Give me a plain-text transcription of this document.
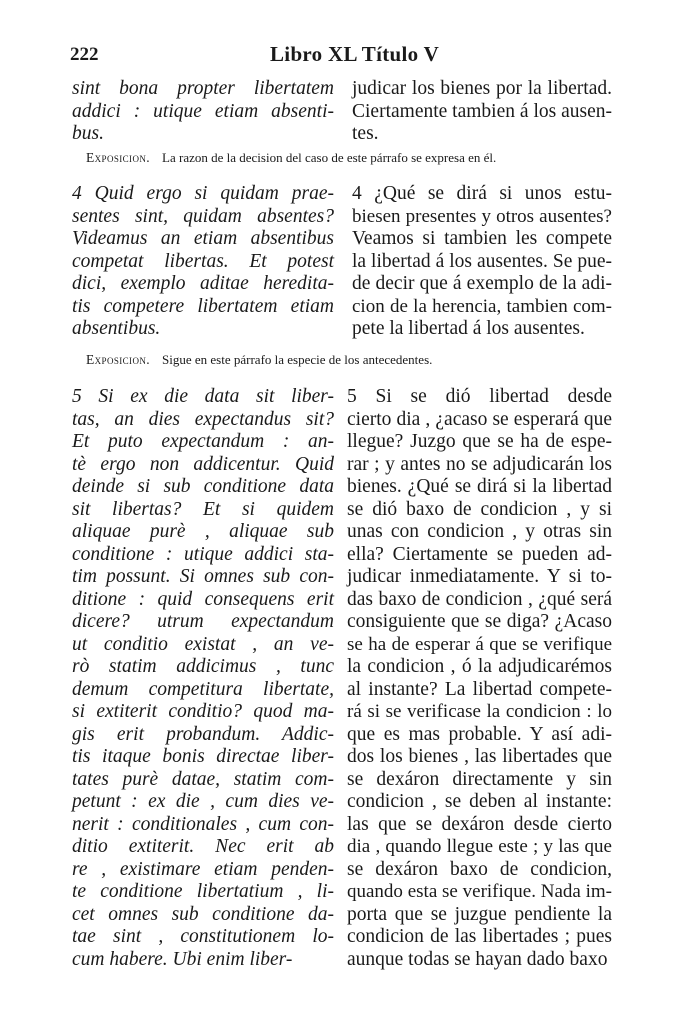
222	Libro XL Título V
sint bona propter libertatem
addici : utique etiam absenti-
bus.
judicar los bienes por la libertad.
Ciertamente tambien á los ausen-
tes.
Exposicion. La razon de la decision del caso de este párrafo se expresa en él.
4 Quid ergo si quidam prae-
sentes sint, quidam absentes?
Videamus an etiam absentibus
competat libertas. Et potest
dici, exemplo aditae heredita-
tis competere libertatem etiam
absentibus.
4 ¿Qué se dirá si unos estu-
biesen presentes y otros ausentes?
Veamos si tambien les compete
la libertad á los ausentes. Se pue-
de decir que á exemplo de la adi-
cion de la herencia, tambien com-
pete la libertad á los ausentes.
Exposicion. Sigue en este párrafo la especie de los antecedentes.
5 Si ex die data sit liber-
tas, an dies expectandus sit?
Et puto expectandum : an-
tè ergo non addicentur. Quid
deinde si sub conditione data
sit libertas? Et si quidem
aliquae purè , aliquae sub
conditione : utique addici sta-
tim possunt. Si omnes sub con-
ditione : quid consequens erit
dicere? utrum expectandum
ut conditio existat , an ve-
rò statim addicimus , tunc
demum competitura libertate,
si extiterit conditio? quod ma-
gis erit probandum. Addic-
tis itaque bonis directae liber-
tates purè datae, statim com-
petunt : ex die , cum dies ve-
nerit : conditionales , cum con-
ditio extiterit. Nec erit ab
re , existimare etiam penden-
te conditione libertatium , li-
cet omnes sub conditione da-
tae sint , constitutionem lo-
cum habere. Ubi enim liber-
5 Si se dió libertad desde
cierto dia , ¿acaso se esperará que
llegue? Juzgo que se ha de espe-
rar ; y antes no se adjudicarán los
bienes. ¿Qué se dirá si la libertad
se dió baxo de condicion , y si
unas con condicion , y otras sin
ella? Ciertamente se pueden ad-
judicar inmediatamente. Y si to-
das baxo de condicion , ¿qué será
consiguiente que se diga? ¿Acaso
se ha de esperar á que se verifique
la condicion , ó la adjudicarémos
al instante? La libertad compete-
rá si se verificase la condicion : lo
que es mas probable. Y así adi-
dos los bienes , las libertades que
se dexáron directamente y sin
condicion , se deben al instante:
las que se dexáron desde cierto
dia , quando llegue este ; y las que
se dexáron baxo de condicion,
quando esta se verifique. Nada im-
porta que se juzgue pendiente la
condicion de las libertades ; pues
aunque todas se hayan dado baxo
